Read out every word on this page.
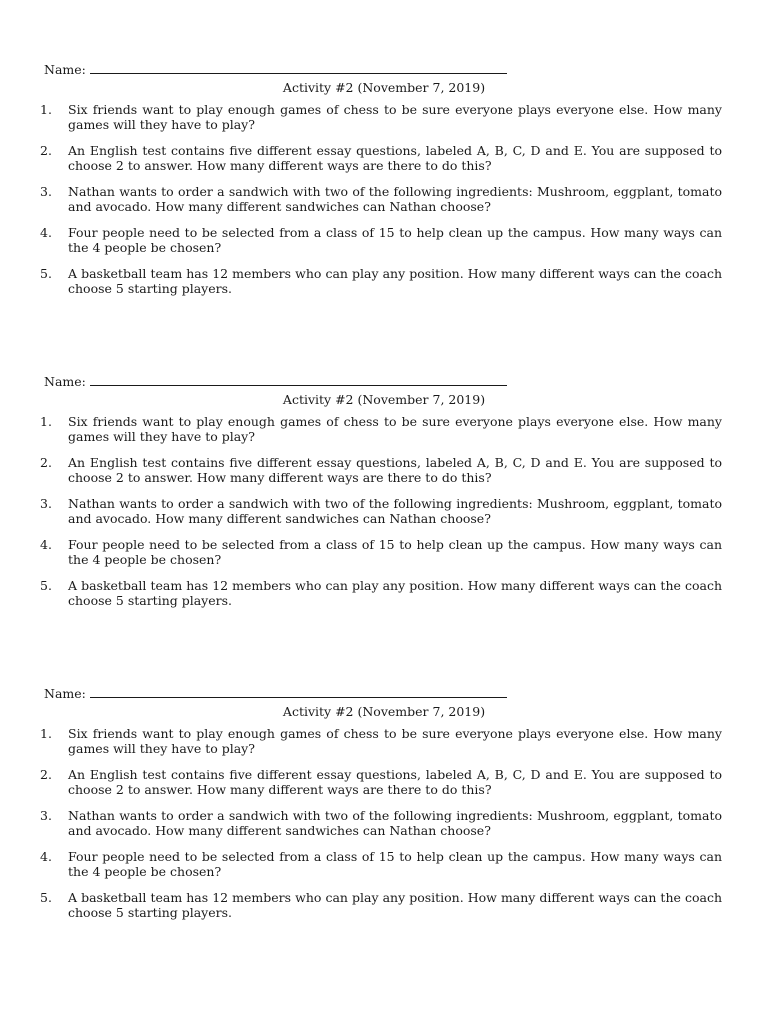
Name:
Activity #2 (November 7, 2019)
1. Six friends want to play enough games of chess to be sure everyone plays everyone else. How many games will they have to play?
2. An English test contains five different essay questions, labeled A, B, C, D and E. You are supposed to choose 2 to answer. How many different ways are there to do this?
3. Nathan wants to order a sandwich with two of the following ingredients: Mushroom, eggplant, tomato and avocado. How many different sandwiches can Nathan choose?
4. Four people need to be selected from a class of 15 to help clean up the campus. How many ways can the 4 people be chosen?
5. A basketball team has 12 members who can play any position. How many different ways can the coach choose 5 starting players.
Name:
Activity #2 (November 7, 2019)
1. Six friends want to play enough games of chess to be sure everyone plays everyone else. How many games will they have to play?
2. An English test contains five different essay questions, labeled A, B, C, D and E. You are supposed to choose 2 to answer. How many different ways are there to do this?
3. Nathan wants to order a sandwich with two of the following ingredients: Mushroom, eggplant, tomato and avocado. How many different sandwiches can Nathan choose?
4. Four people need to be selected from a class of 15 to help clean up the campus. How many ways can the 4 people be chosen?
5. A basketball team has 12 members who can play any position. How many different ways can the coach choose 5 starting players.
Name:
Activity #2 (November 7, 2019)
1. Six friends want to play enough games of chess to be sure everyone plays everyone else. How many games will they have to play?
2. An English test contains five different essay questions, labeled A, B, C, D and E. You are supposed to choose 2 to answer. How many different ways are there to do this?
3. Nathan wants to order a sandwich with two of the following ingredients: Mushroom, eggplant, tomato and avocado. How many different sandwiches can Nathan choose?
4. Four people need to be selected from a class of 15 to help clean up the campus. How many ways can the 4 people be chosen?
5. A basketball team has 12 members who can play any position. How many different ways can the coach choose 5 starting players.
